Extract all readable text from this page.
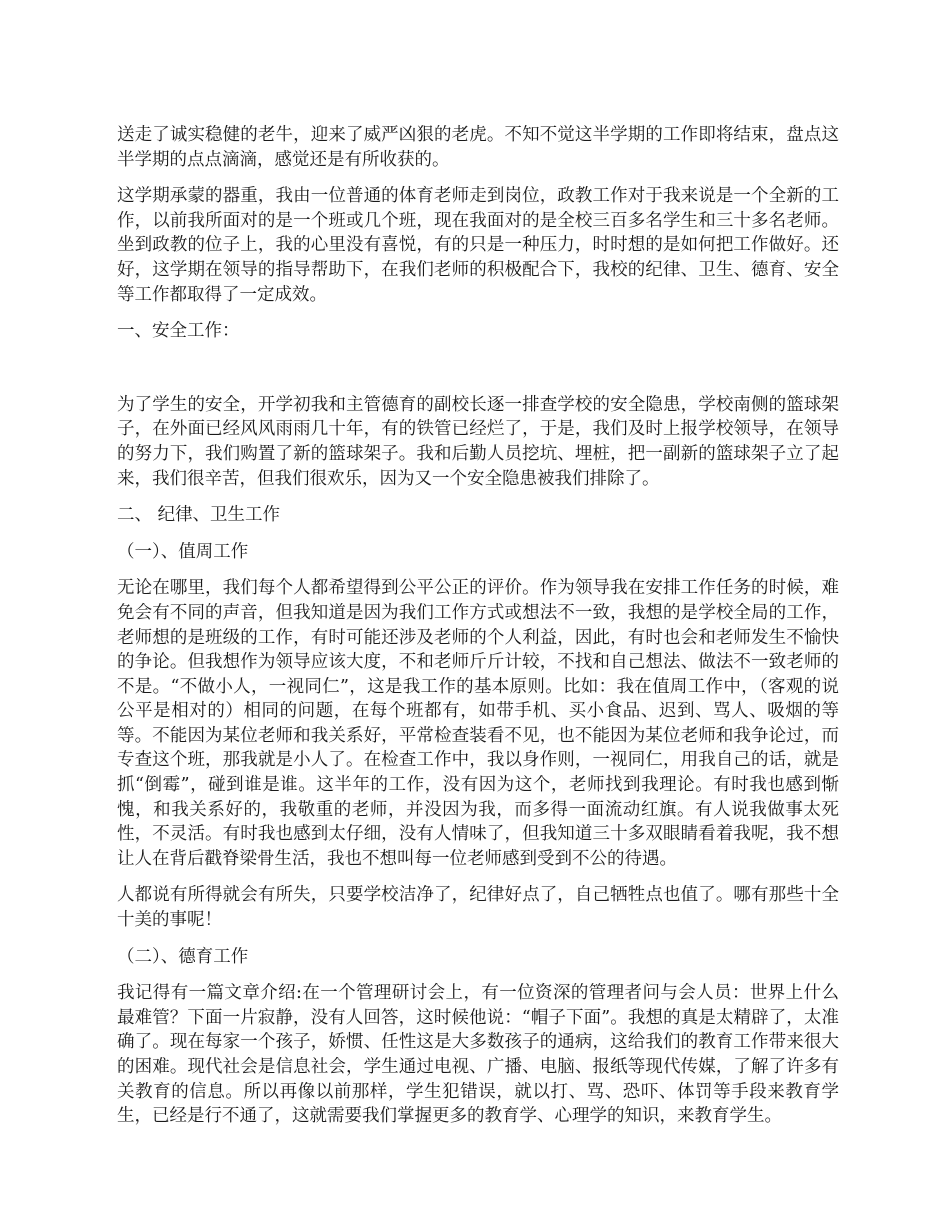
送走了诚实稳健的老牛，迎来了威严凶狠的老虎。不知不觉这半学期的工作即将结束，盘点这半学期的点点滴滴，感觉还是有所收获的。

这学期承蒙的器重，我由一位普通的体育老师走到岗位，政教工作对于我来说是一个全新的工作，以前我所面对的是一个班或几个班，现在我面对的是全校三百多名学生和三十多名老师。坐到政教的位子上，我的心里没有喜悦，有的只是一种压力，时时想的是如何把工作做好。还好，这学期在领导的指导帮助下，在我们老师的积极配合下，我校的纪律、卫生、德育、安全等工作都取得了一定成效。

一、安全工作：

为了学生的安全，开学初我和主管德育的副校长逐一排查学校的安全隐患，学校南侧的篮球架子，在外面已经风风雨雨几十年，有的铁管已经烂了，于是，我们及时上报学校领导，在领导的努力下，我们购置了新的篮球架子。我和后勤人员挖坑、埋桩，把一副新的篮球架子立了起来，我们很辛苦，但我们很欢乐，因为又一个安全隐患被我们排除了。

二、 纪律、卫生工作

（一）、值周工作

无论在哪里，我们每个人都希望得到公平公正的评价。作为领导我在安排工作任务的时候，难免会有不同的声音，但我知道是因为我们工作方式或想法不一致，我想的是学校全局的工作，老师想的是班级的工作，有时可能还涉及老师的个人利益，因此，有时也会和老师发生不愉快的争论。但我想作为领导应该大度，不和老师斤斤计较，不找和自己想法、做法不一致老师的不是。“不做小人，一视同仁”，这是我工作的基本原则。比如：我在值周工作中，（客观的说公平是相对的）相同的问题，在每个班都有，如带手机、买小食品、迟到、骂人、吸烟的等等。不能因为某位老师和我关系好，平常检查装看不见，也不能因为某位老师和我争论过，而专查这个班，那我就是小人了。在检查工作中，我以身作则，一视同仁，用我自己的话，就是抓“倒霉”，碰到谁是谁。这半年的工作，没有因为这个，老师找到我理论。有时我也感到惭愧，和我关系好的，我敬重的老师，并没因为我，而多得一面流动红旗。有人说我做事太死性，不灵活。有时我也感到太仔细，没有人情味了，但我知道三十多双眼睛看着我呢，我不想让人在背后戳脊梁骨生活，我也不想叫每一位老师感到受到不公的待遇。

人都说有所得就会有所失，只要学校洁净了，纪律好点了，自己牺牲点也值了。哪有那些十全十美的事呢！

（二）、德育工作

我记得有一篇文章介绍:在一个管理研讨会上，有一位资深的管理者问与会人员：世界上什么最难管？下面一片寂静，没有人回答，这时候他说：“帽子下面”。我想的真是太精辟了，太准确了。现在每家一个孩子，娇惯、任性这是大多数孩子的通病，这给我们的教育工作带来很大的困难。现代社会是信息社会，学生通过电视、广播、电脑、报纸等现代传媒，了解了许多有关教育的信息。所以再像以前那样，学生犯错误，就以打、骂、恐吓、体罚等手段来教育学生，已经是行不通了，这就需要我们掌握更多的教育学、心理学的知识，来教育学生。
